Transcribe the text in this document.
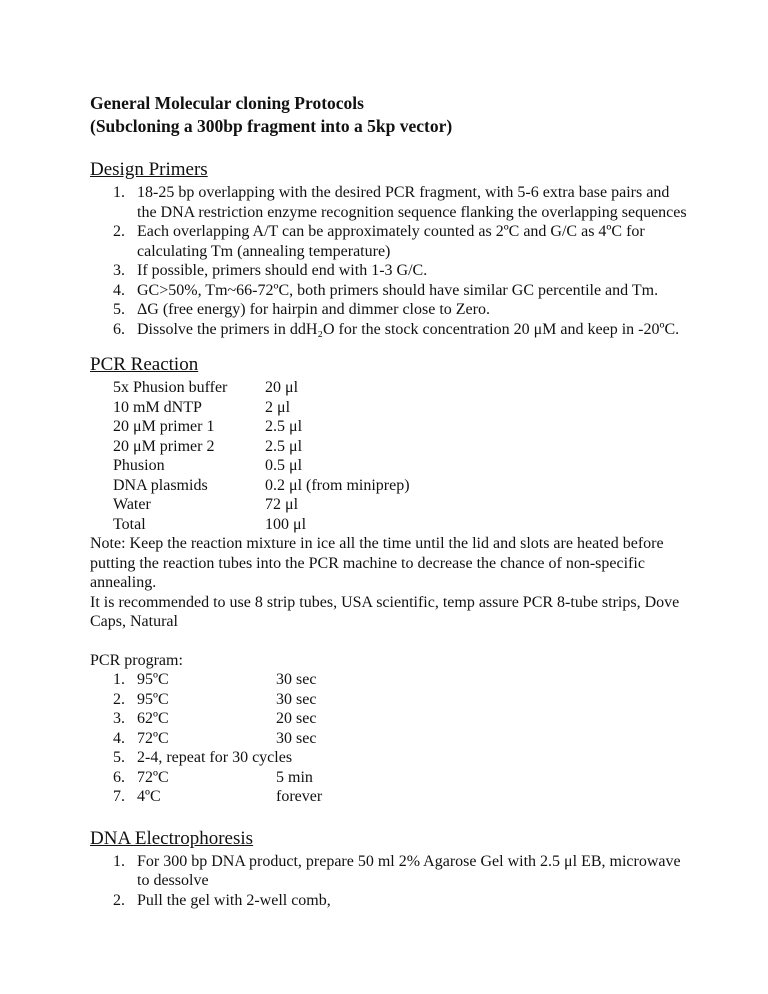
General Molecular cloning Protocols
(Subcloning a 300bp fragment into a 5kp vector)

Design Primers

1. 18-25 bp overlapping with the desired PCR fragment, with 5-6 extra base pairs and the DNA restriction enzyme recognition sequence flanking the overlapping sequences
2. Each overlapping A/T can be approximately counted as 2ºC and G/C as 4ºC for calculating Tm (annealing temperature)
3. If possible, primers should end with 1-3 G/C.
4. GC>50%, Tm~66-72ºC, both primers should have similar GC percentile and Tm.
5. ΔG (free energy) for hairpin and dimmer close to Zero.
6. Dissolve the primers in ddH₂O for the stock concentration 20 μM and keep in -20ºC.

PCR Reaction

5x Phusion buffer	20 μl
10 mM dNTP	2 μl
20 μM primer 1	2.5 μl
20 μM primer 2	2.5 μl
Phusion	0.5 μl
DNA plasmids	0.2 μl (from miniprep)
Water	72 μl
Total	100 μl

Note: Keep the reaction mixture in ice all the time until the lid and slots are heated before putting the reaction tubes into the PCR machine to decrease the chance of non-specific annealing.

It is recommended to use 8 strip tubes, USA scientific, temp assure PCR 8-tube strips, Dove Caps, Natural

PCR program:

1. 95ºC	30 sec
2. 95ºC	30 sec
3. 62ºC	20 sec
4. 72ºC	30 sec
5. 2-4, repeat for 30 cycles
6. 72ºC	5 min
7. 4ºC	forever

DNA Electrophoresis

1. For 300 bp DNA product, prepare 50 ml 2% Agarose Gel with 2.5 μl EB, microwave to dessolve
2. Pull the gel with 2-well comb,
